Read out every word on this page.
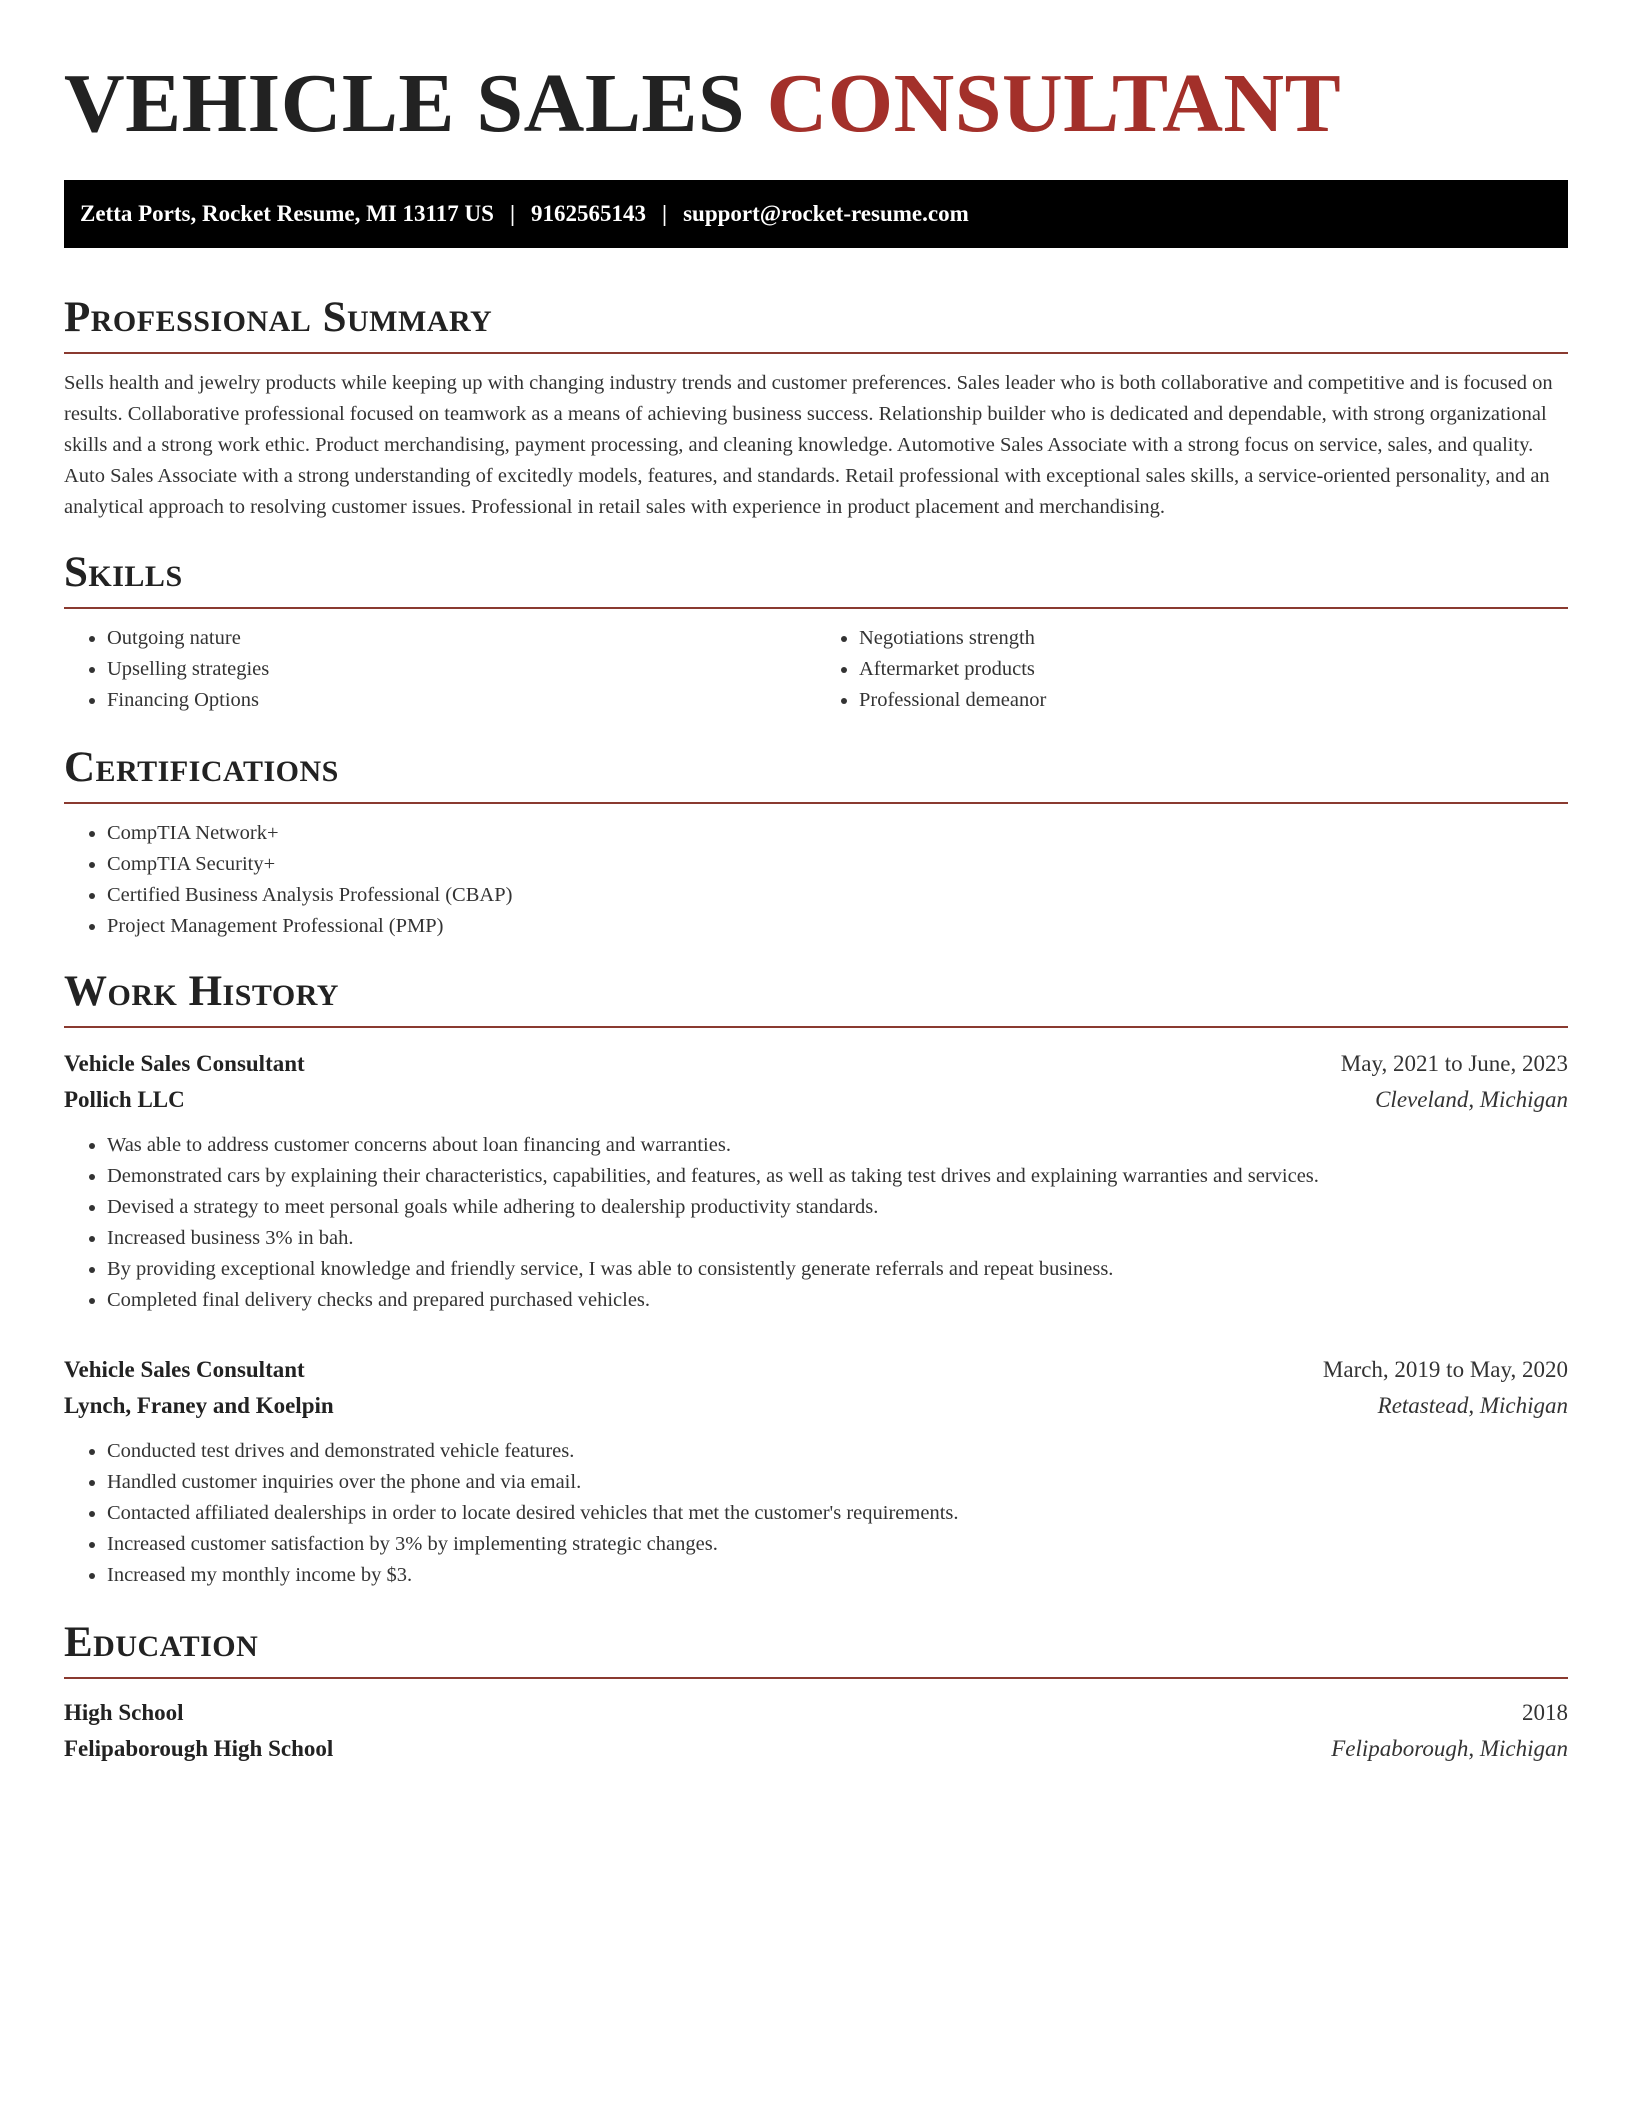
VEHICLE SALES CONSULTANT
Zetta Ports, Rocket Resume, MI 13117 US | 9162565143 | support@rocket-resume.com
Professional Summary

Sells health and jewelry products while keeping up with changing industry trends and customer preferences. Sales leader who is both collaborative and competitive and is focused on results. Collaborative professional focused on teamwork as a means of achieving business success. Relationship builder who is dedicated and dependable, with strong organizational skills and a strong work ethic. Product merchandising, payment processing, and cleaning knowledge. Automotive Sales Associate with a strong focus on service, sales, and quality. Auto Sales Associate with a strong understanding of excitedly models, features, and standards. Retail professional with exceptional sales skills, a service-oriented personality, and an analytical approach to resolving customer issues. Professional in retail sales with experience in product placement and merchandising.

Skills
• Outgoing nature
• Upselling strategies
• Financing Options
• Negotiations strength
• Aftermarket products
• Professional demeanor
Certifications
• CompTIA Network+
• CompTIA Security+
• Certified Business Analysis Professional (CBAP)
• Project Management Professional (PMP)
Work History
Vehicle Sales Consultant	May, 2021 to June, 2023
Pollich LLC	Cleveland, Michigan
• Was able to address customer concerns about loan financing and warranties.
• Demonstrated cars by explaining their characteristics, capabilities, and features, as well as taking test drives and explaining warranties and services.
• Devised a strategy to meet personal goals while adhering to dealership productivity standards.
• Increased business 3% in bah.
• By providing exceptional knowledge and friendly service, I was able to consistently generate referrals and repeat business.
• Completed final delivery checks and prepared purchased vehicles.
Vehicle Sales Consultant	March, 2019 to May, 2020
Lynch, Franey and Koelpin	Retastead, Michigan
• Conducted test drives and demonstrated vehicle features.
• Handled customer inquiries over the phone and via email.
• Contacted affiliated dealerships in order to locate desired vehicles that met the customer's requirements.
• Increased customer satisfaction by 3% by implementing strategic changes.
• Increased my monthly income by $3.
Education
High School	2018
Felipaborough High School	Felipaborough, Michigan
